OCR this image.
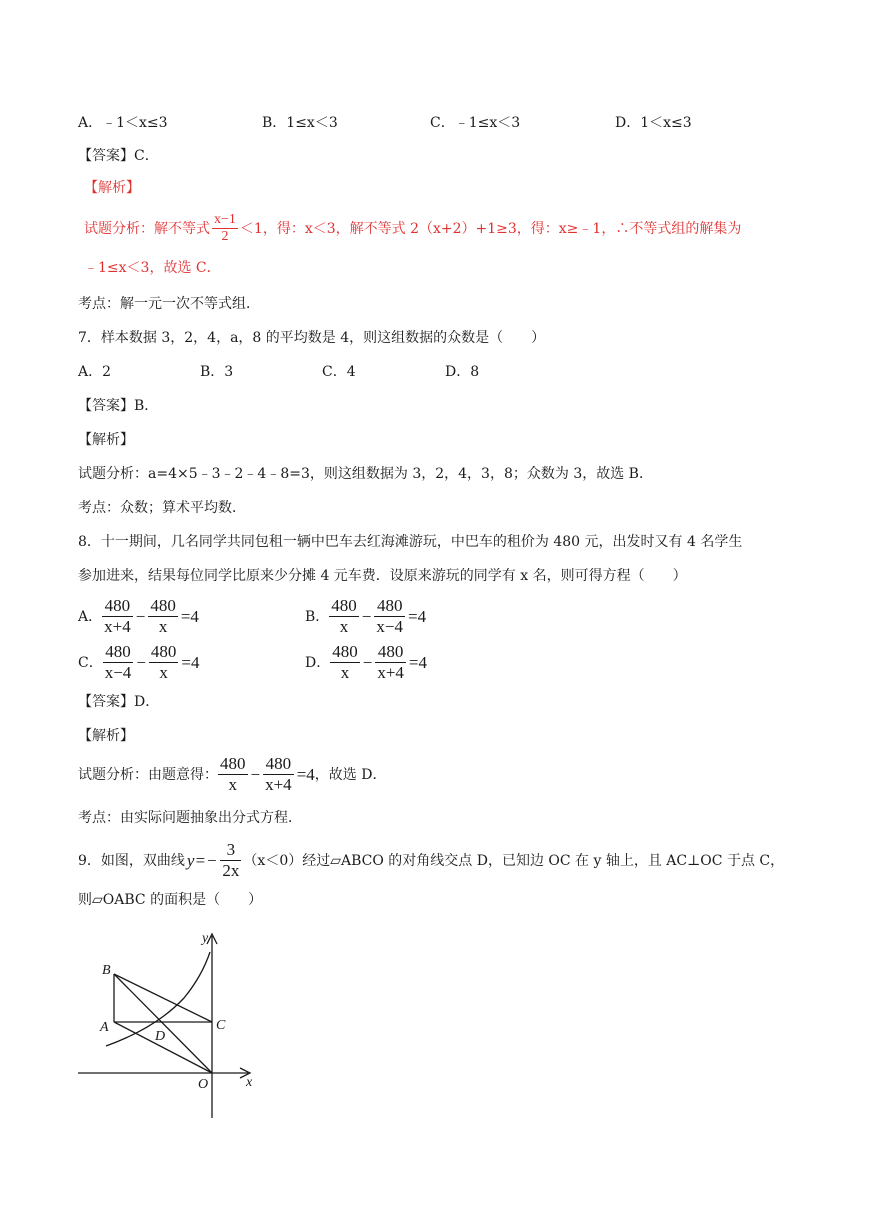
A．﹣1＜x≤3	B．1≤x＜3	C．﹣1≤x＜3	D．1＜x≤3
【答案】C．
【解析】
试题分析：解不等式 $\frac{x-1}{2} <1$，得：x＜3，解不等式 2（x+2）+1≥3，得：x≥﹣1，∴不等式组的解集为
﹣1≤x＜3，故选 C．
考点：解一元一次不等式组．
7．样本数据 3，2，4，a，8 的平均数是 4，则这组数据的众数是（　　）
A．2	B．3	C．4	D．8
【答案】B．
【解析】
试题分析：a=4×5﹣3﹣2﹣4﹣8=3，则这组数据为 3，2，4，3，8；众数为 3，故选 B．
考点：众数；算术平均数．
8．十一期间，几名同学共同包租一辆中巴车去红海滩游玩，中巴车的租价为 480 元，出发时又有 4 名学生
参加进来，结果每位同学比原来少分摊 4 元车费．设原来游玩的同学有 x 名，则可得方程（　　）
A． $\frac{480}{x+4} - \frac{480}{x} =4$	B． $\frac{480}{x} - \frac{480}{x-4} =4$
C． $\frac{480}{x-4} - \frac{480}{x} =4$	D． $\frac{480}{x} - \frac{480}{x+4} =4$
【答案】D．
【解析】
试题分析：由题意得： $\frac{480}{x} - \frac{480}{x+4} =4$ ，故选 D．
考点：由实际问题抽象出分式方程．
9．如图，双曲线 $y=- \frac{3}{2x} (x<0)$经过▱ABCO 的对角线交点 D，已知边 OC 在 y 轴上，且 AC⊥OC 于点 C，
则▱OABC 的面积是（　　）
y
x
B
A	C
D
O
